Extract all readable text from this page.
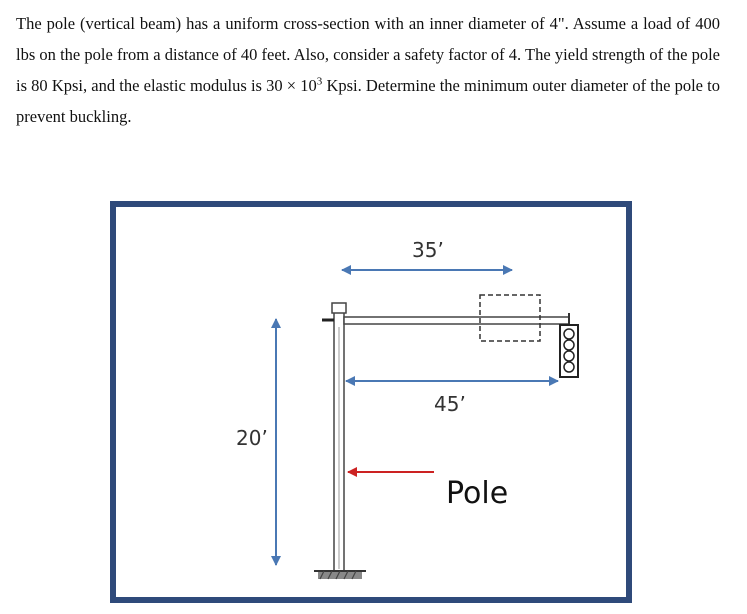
The pole (vertical beam) has a uniform cross-section with an inner diameter of 4". Assume a load of 400 lbs on the pole from a distance of 40 feet. Also, consider a safety factor of 4. The yield strength of the pole is 80 Kpsi, and the elastic modulus is $30 \times 10^3$ Kpsi. Determine the minimum outer diameter of the pole to prevent buckling.

35’
45’
20’
Pole
